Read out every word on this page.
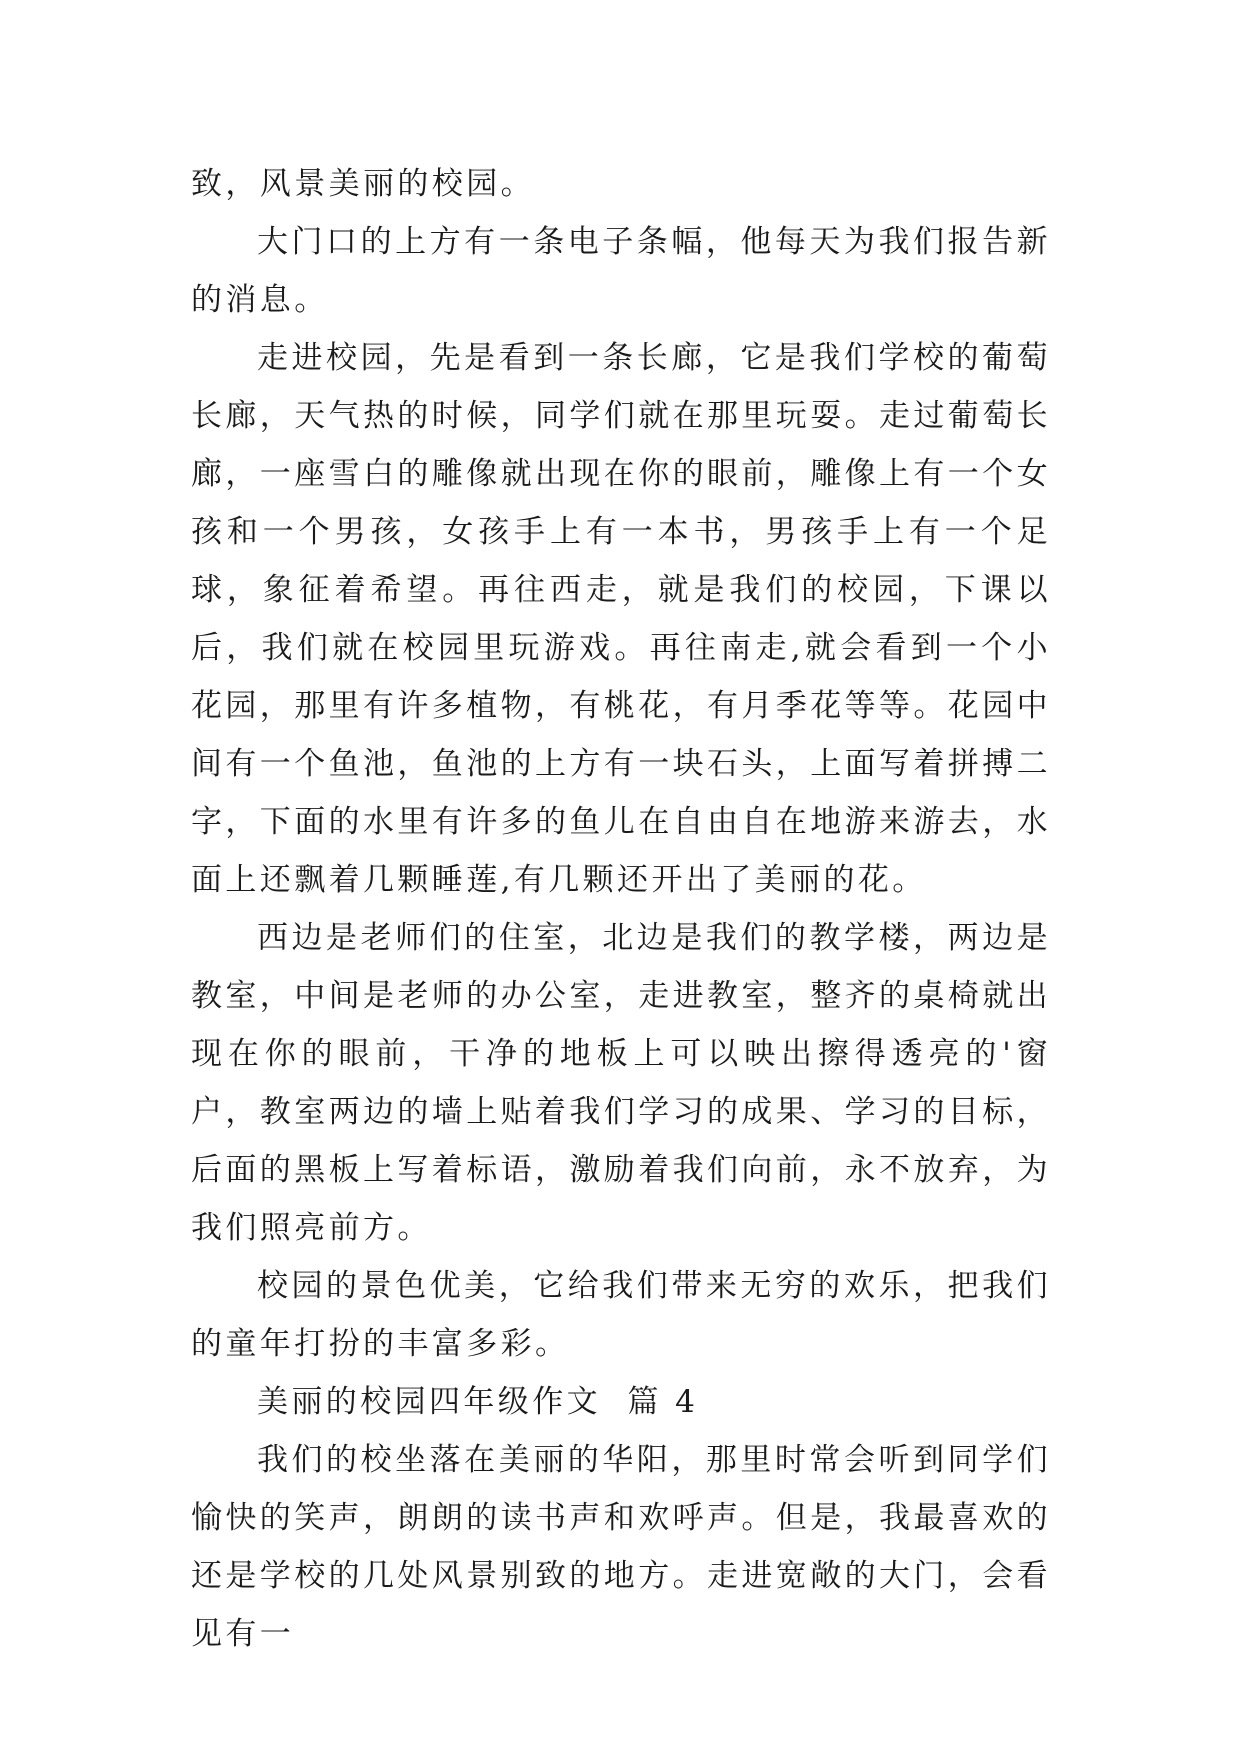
致，风景美丽的校园。

大门口的上方有一条电子条幅，他每天为我们报告新的消息。

走进校园，先是看到一条长廊，它是我们学校的葡萄长廊，天气热的时候，同学们就在那里玩耍。走过葡萄长廊，一座雪白的雕像就出现在你的眼前，雕像上有一个女孩和一个男孩，女孩手上有一本书，男孩手上有一个足球，象征着希望。再往西走，就是我们的校园，下课以后，我们就在校园里玩游戏。再往南走,就会看到一个小花园，那里有许多植物，有桃花，有月季花等等。花园中间有一个鱼池，鱼池的上方有一块石头，上面写着拼搏二字，下面的水里有许多的鱼儿在自由自在地游来游去，水面上还飘着几颗睡莲,有几颗还开出了美丽的花。

西边是老师们的住室，北边是我们的教学楼，两边是教室，中间是老师的办公室，走进教室，整齐的桌椅就出现在你的眼前，干净的地板上可以映出擦得透亮的'窗户，教室两边的墙上贴着我们学习的成果、学习的目标，后面的黑板上写着标语，激励着我们向前，永不放弃，为我们照亮前方。

校园的景色优美，它给我们带来无穷的欢乐，把我们的童年打扮的丰富多彩。

美丽的校园四年级作文  篇 4

我们的校坐落在美丽的华阳，那里时常会听到同学们愉快的笑声，朗朗的读书声和欢呼声。但是，我最喜欢的还是学校的几处风景别致的地方。走进宽敞的大门，会看见有一
